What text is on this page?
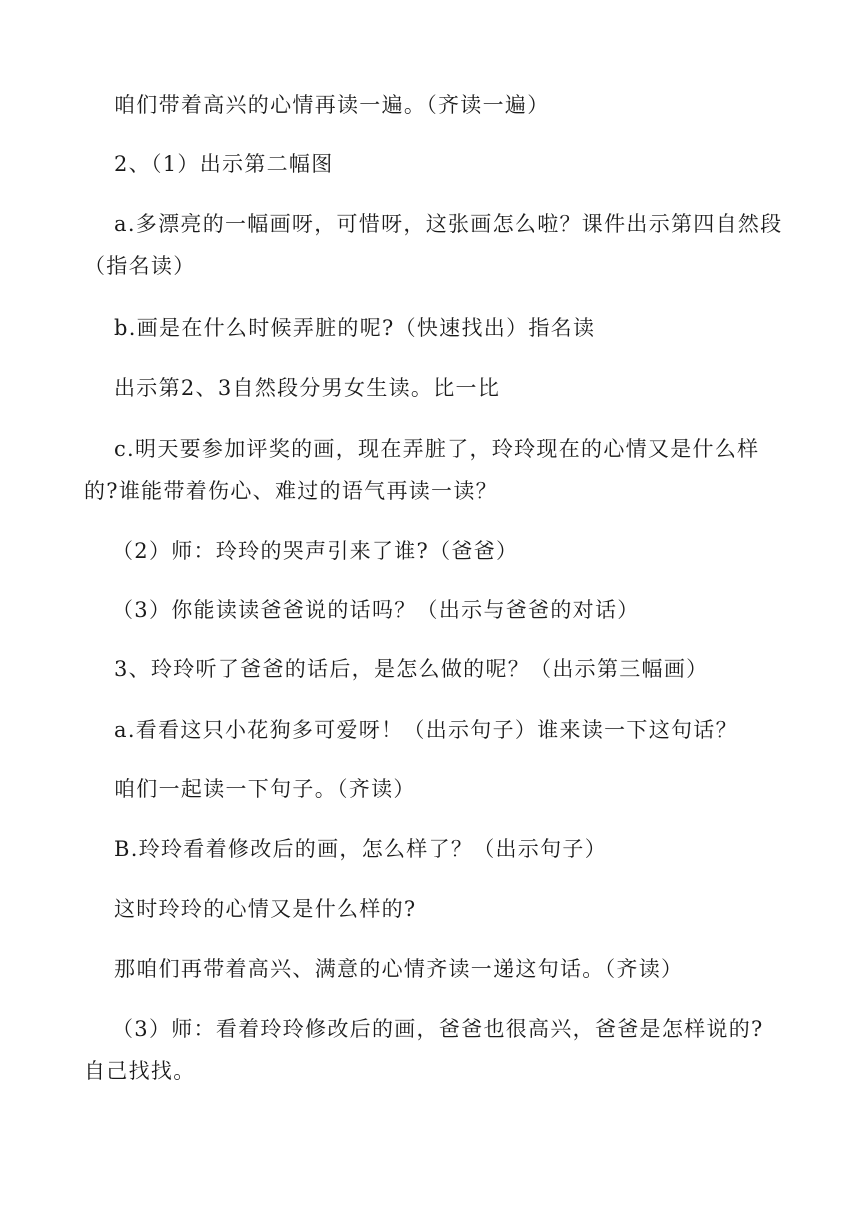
咱们带着高兴的心情再读一遍。（齐读一遍）

2、（1）出示第二幅图

a.多漂亮的一幅画呀，可惜呀，这张画怎么啦？课件出示第四自然段（指名读）

b.画是在什么时候弄脏的呢?（快速找出）指名读

出示第2、3自然段分男女生读。比一比

c.明天要参加评奖的画，现在弄脏了，玲玲现在的心情又是什么样的?谁能带着伤心、难过的语气再读一读？

（2）师：玲玲的哭声引来了谁?（爸爸）

（3）你能读读爸爸说的话吗？（出示与爸爸的对话）

3、玲玲听了爸爸的话后，是怎么做的呢？（出示第三幅画）

a.看看这只小花狗多可爱呀！（出示句子）谁来读一下这句话？

咱们一起读一下句子。（齐读）

B.玲玲看着修改后的画，怎么样了？（出示句子）

这时玲玲的心情又是什么样的?

那咱们再带着高兴、满意的心情齐读一递这句话。（齐读）

（3）师：看着玲玲修改后的画，爸爸也很高兴，爸爸是怎样说的?自己找找。
